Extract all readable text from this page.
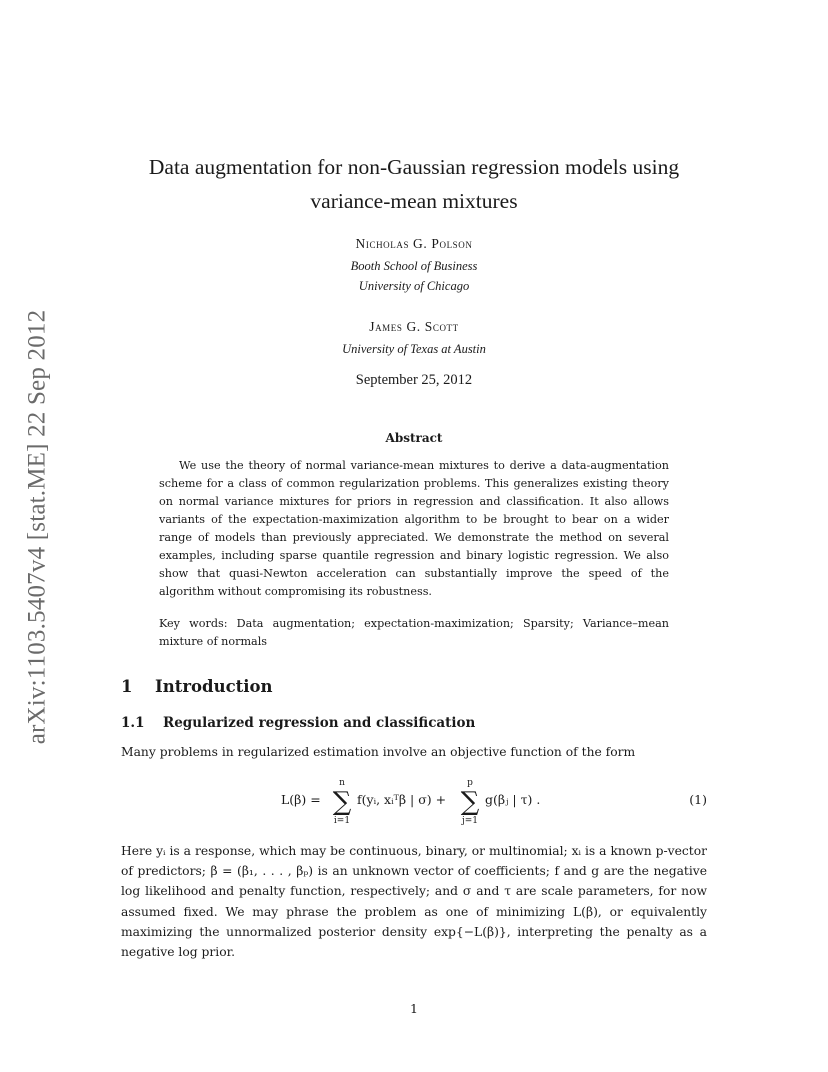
arXiv:1103.5407v4 [stat.ME] 22 Sep 2012
Data augmentation for non-Gaussian regression models using
variance-mean mixtures
Nicholas G. Polson
Booth School of Business
University of Chicago
James G. Scott
University of Texas at Austin
September 25, 2012
Abstract

We use the theory of normal variance-mean mixtures to derive a data-augmentation scheme for a class of common regularization problems. This generalizes existing theory on normal variance mixtures for priors in regression and classification. It also allows variants of the expectation-maximization algorithm to be brought to bear on a wider range of models than previously appreciated. We demonstrate the method on several examples, including sparse quantile regression and binary logistic regression. We also show that quasi-Newton acceleration can substantially improve the speed of the algorithm without compromising its robustness.

Key words: Data augmentation; expectation-maximization; Sparsity; Variance–mean mixture of normals

1 Introduction
1.1 Regularized regression and classification

Many problems in regularized estimation involve an objective function of the form

L(β) =
n
∑
i=1
f(yᵢ, xᵢᵀβ | σ) +
p
∑
j=1
g(βⱼ | τ) .	(1)

Here yᵢ is a response, which may be continuous, binary, or multinomial; xᵢ is a known p-vector of predictors; β = (β₁, . . . , βₚ) is an unknown vector of coefficients; f and g are the negative log likelihood and penalty function, respectively; and σ and τ are scale parameters, for now assumed fixed. We may phrase the problem as one of minimizing L(β), or equivalently maximizing the unnormalized posterior density exp{−L(β)}, interpreting the penalty as a negative log prior.

1
